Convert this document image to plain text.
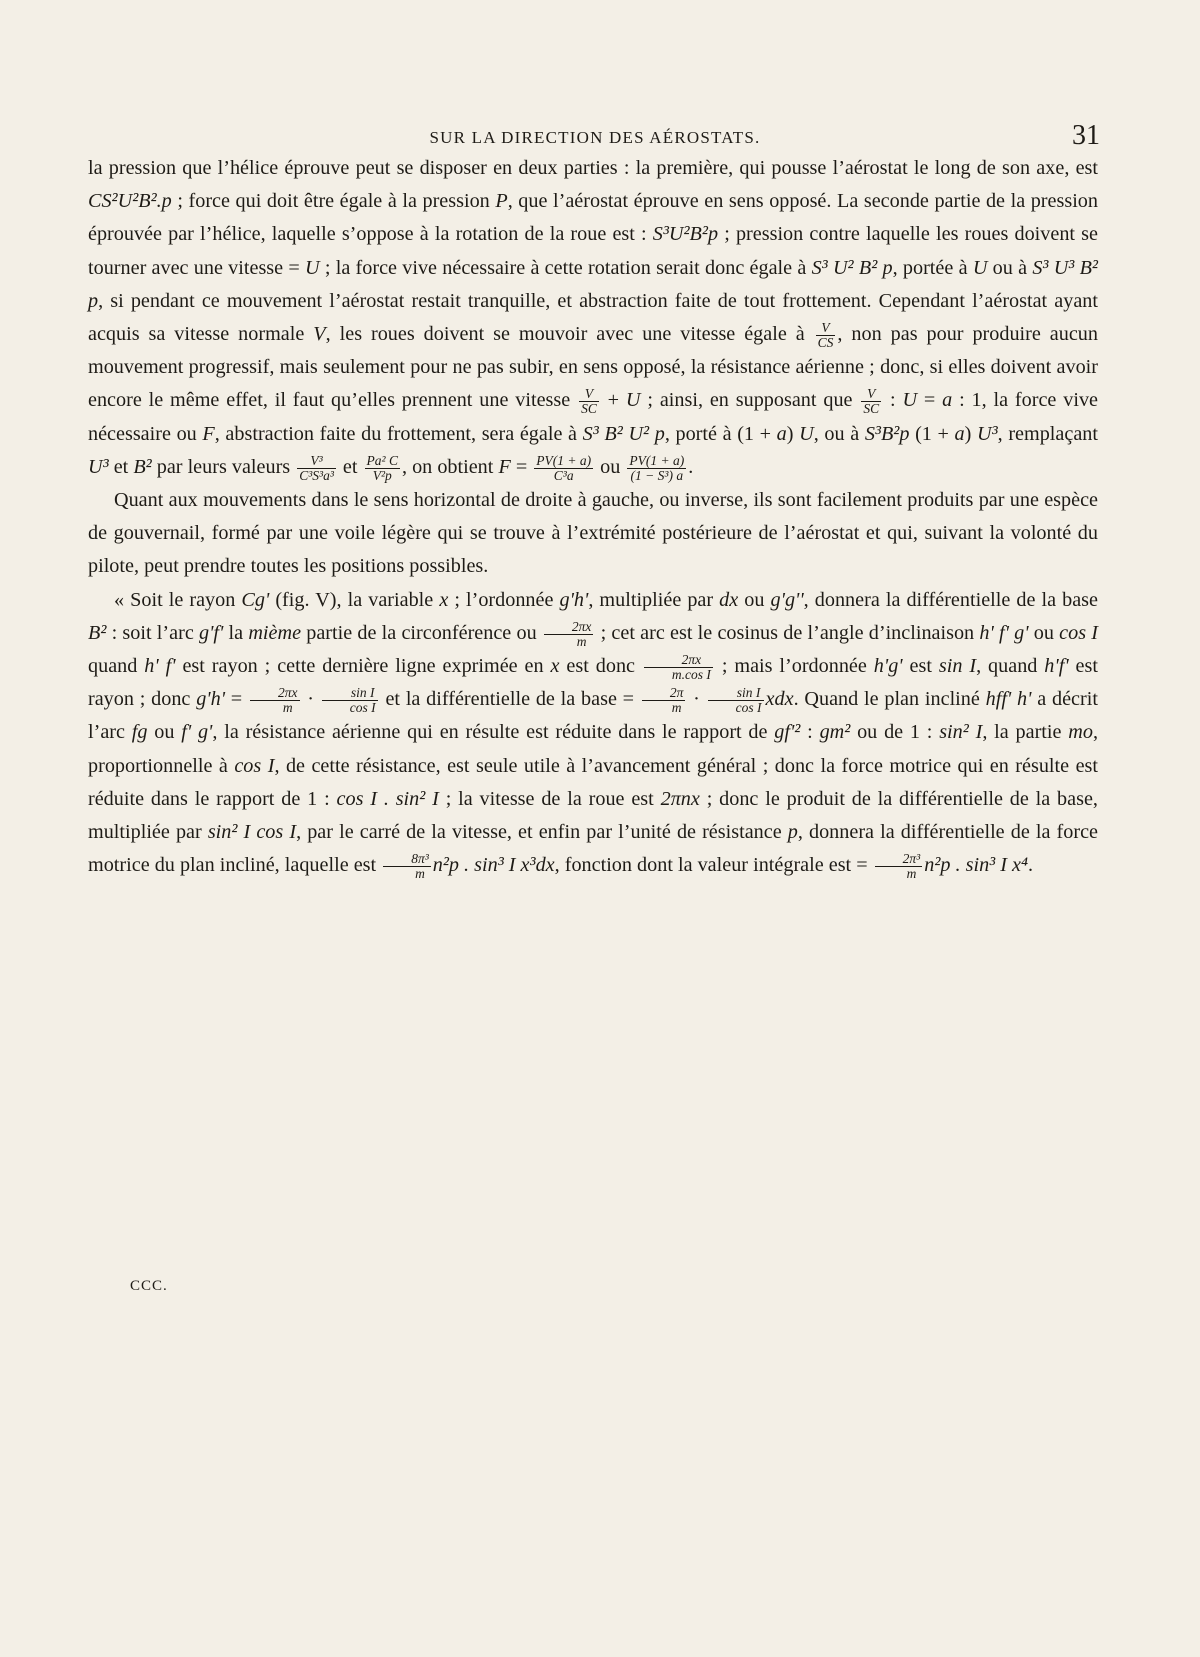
SUR LA DIRECTION DES AÉROSTATS.	31

la pression que l’hélice éprouve peut se disposer en deux parties : la première, qui pousse l’aérostat le long de son axe, est CS²U²B².p ; force qui doit être égale à la pression P, que l’aérostat éprouve en sens opposé. La seconde partie de la pression éprouvée par l’hélice, laquelle s’oppose à la rotation de la roue est : S³U²B²p ; pression contre laquelle les roues doivent se tourner avec une vitesse = U ; la force vive nécessaire à cette rotation serait donc égale à S³ U² B² p, portée à U ou à S³ U³ B² p, si pendant ce mouvement l’aérostat restait tranquille, et abstraction faite de tout frottement. Cependant l’aérostat ayant acquis sa vitesse normale V, les roues doivent se mouvoir avec une vitesse égale à $\frac{V}{CS}$ , non pas pour produire aucun mouvement progressif, mais seulement pour ne pas subir, en sens opposé, la résistance aérienne ; donc, si elles doivent avoir encore le même effet, il faut qu’elles prennent une vitesse $\frac{V}{SC} + U$ ; ainsi, en supposant que $\frac{V}{SC}$ : U = a : 1, la force vive nécessaire ou F, abstraction faite du frottement, sera égale à S³ B² U² p, porté à (1 + a) U, ou à S³B²p (1 + a) U³, remplaçant U³ et B² par leurs valeurs $\frac{\text{V³}}{\text{C³S³a³}}$ et $\frac{\text{Pa² C}}{\text{V²p}}$ , on obtient $F = \frac{PV(1 + a)}{\text{C³a}}$ ou $\frac{PV(1 + a)}{\text{(1 − S³) a}}$ .

Quant aux mouvements dans le sens horizontal de droite à gauche, ou inverse, ils sont facilement produits par une espèce de gouvernail, formé par une voile légère qui se trouve à l’extrémité postérieure de l’aérostat et qui, suivant la volonté du pilote, peut prendre toutes les positions possibles.

« Soit le rayon Cg' (fig. V), la variable x ; l’ordonnée g'h', multipliée par dx ou g'g'', donnera la différentielle de la base B² : soit l’arc g'f' la mième partie de la circonférence ou $\frac{2\pi x}{m}$ ; cet arc est le cosinus de l’angle d’inclinaison h' f' g' ou cos I quand h' f' est rayon ; cette dernière ligne exprimée en x est donc $\frac{2\pi x}{\text{m.cos I}}$ ; mais l’ordonnée h'g' est sin I, quand h'f' est rayon ; donc $g'h' = \frac{2\pi x}{m} \cdot \frac{\text{sin I}}{\text{cos I}}$ et la différentielle de la base = $\frac{2\pi}{m} \cdot \frac{\text{sin I}}{\text{cos I}}$ xdx. Quand le plan incliné hff' h' a décrit l’arc fg ou f' g', la résistance aérienne qui en résulte est réduite dans le rapport de gf'² : gm² ou de 1 : sin² I, la partie mo, proportionnelle à cos I, de cette résistance, est seule utile à l’avancement général ; donc la force motrice qui en résulte est réduite dans le rapport de 1 : cos I . sin² I ; la vitesse de la roue est 2πnx ; donc le produit de la différentielle de la base, multipliée par sin² I cos I, par le carré de la vitesse, et enfin par l’unité de résistance p, donnera la différentielle de la force motrice du plan incliné, laquelle est $\frac{\text{8π³}}{m} n^2p$ . sin³ I x³dx, fonction dont la valeur intégrale est = $\frac{\text{2π³}}{m} n^2p$ . sin³ I x⁴.

CCC.
